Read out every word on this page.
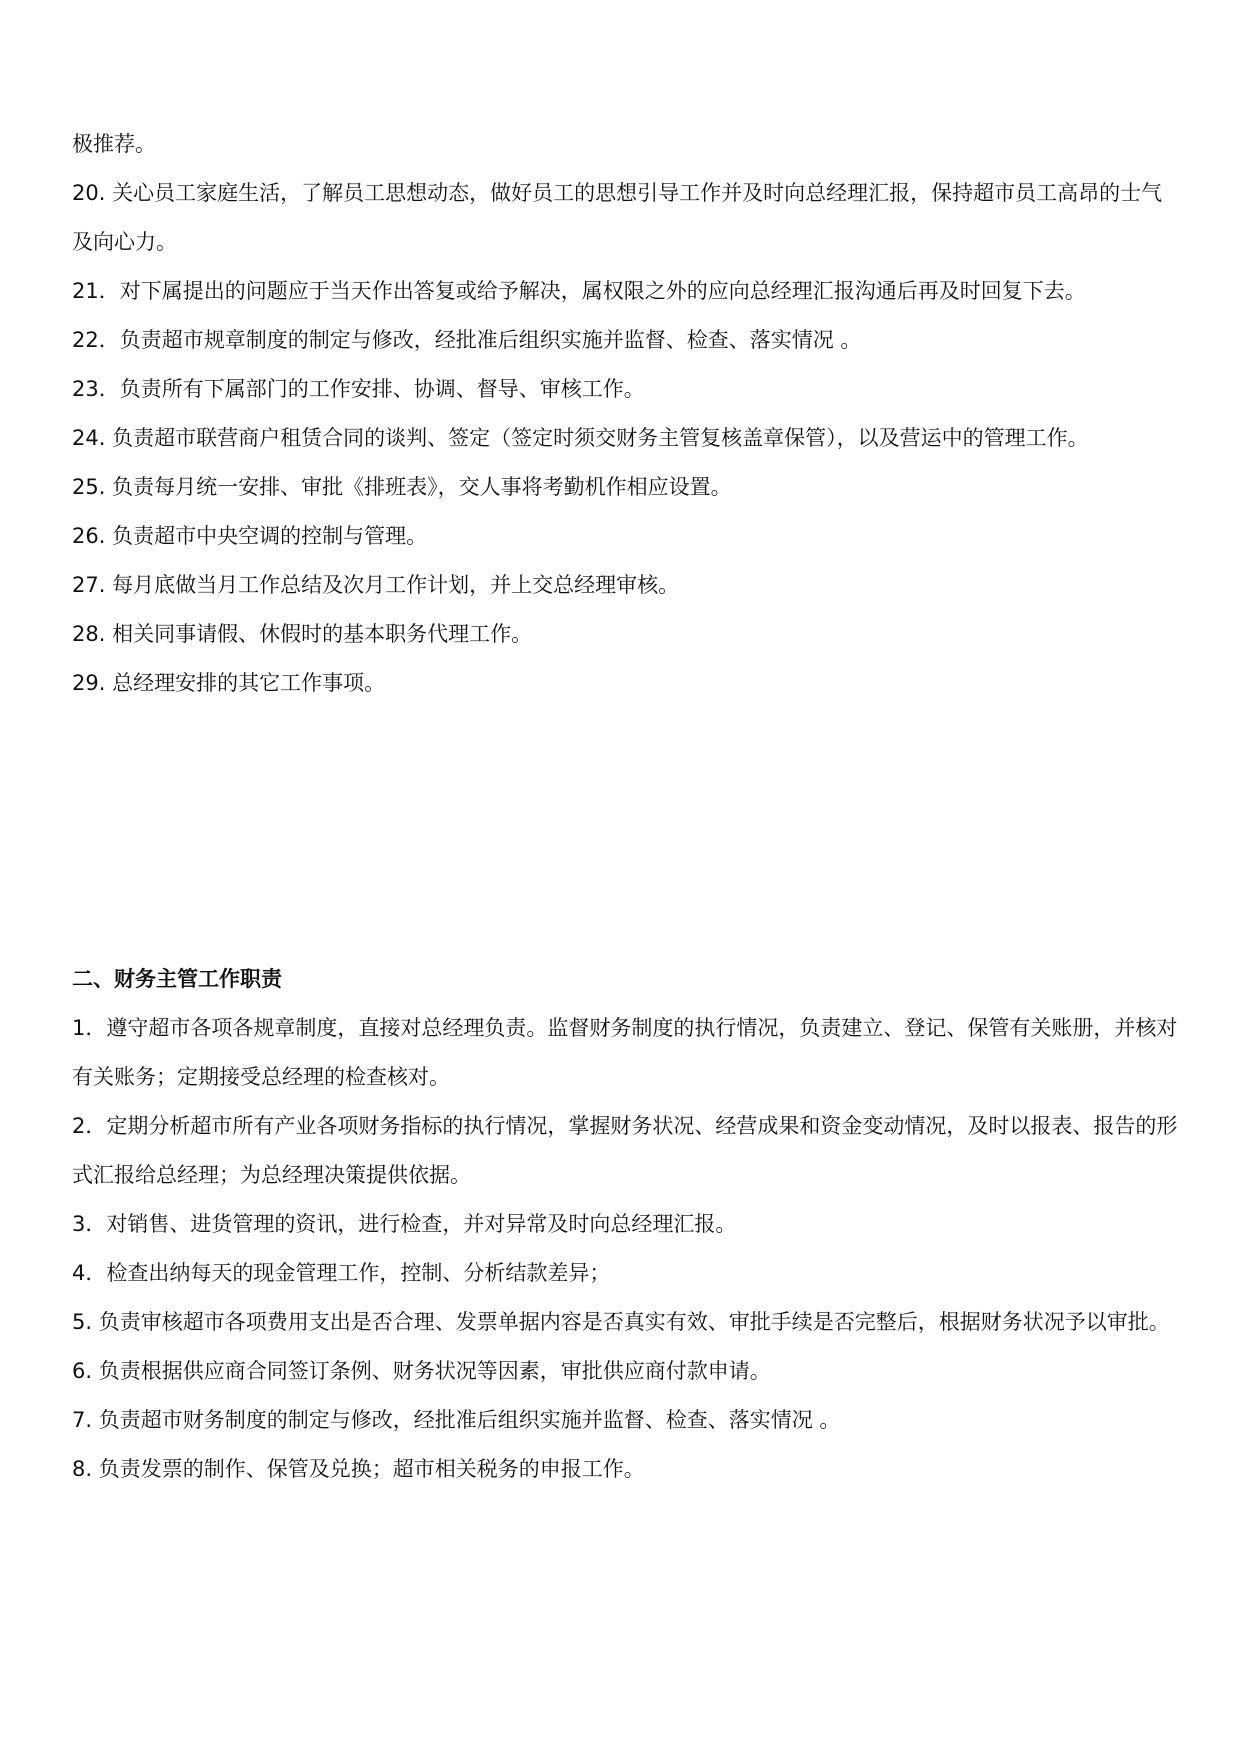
极推荐。

20. 关心员工家庭生活，了解员工思想动态，做好员工的思想引导工作并及时向总经理汇报，保持超市员工高昂的士气及向心力。

21．对下属提出的问题应于当天作出答复或给予解决，属权限之外的应向总经理汇报沟通后再及时回复下去。

22．负责超市规章制度的制定与修改，经批准后组织实施并监督、检查、落实情况 。

23．负责所有下属部门的工作安排、协调、督导、审核工作。

24. 负责超市联营商户租赁合同的谈判、签定（签定时须交财务主管复核盖章保管），以及营运中的管理工作。

25. 负责每月统一安排、审批《排班表》，交人事将考勤机作相应设置。

26. 负责超市中央空调的控制与管理。

27. 每月底做当月工作总结及次月工作计划，并上交总经理审核。

28. 相关同事请假、休假时的基本职务代理工作。

29. 总经理安排的其它工作事项。

二、财务主管工作职责

1．遵守超市各项各规章制度，直接对总经理负责。监督财务制度的执行情况，负责建立、登记、保管有关账册，并核对有关账务；定期接受总经理的检查核对。

2．定期分析超市所有产业各项财务指标的执行情况，掌握财务状况、经营成果和资金变动情况，及时以报表、报告的形式汇报给总经理；为总经理决策提供依据。

3．对销售、进货管理的资讯，进行检查，并对异常及时向总经理汇报。

4．检查出纳每天的现金管理工作，控制、分析结款差异；

5. 负责审核超市各项费用支出是否合理、发票单据内容是否真实有效、审批手续是否完整后，根据财务状况予以审批。

6. 负责根据供应商合同签订条例、财务状况等因素，审批供应商付款申请。

7. 负责超市财务制度的制定与修改，经批准后组织实施并监督、检查、落实情况 。

8. 负责发票的制作、保管及兑换；超市相关税务的申报工作。
